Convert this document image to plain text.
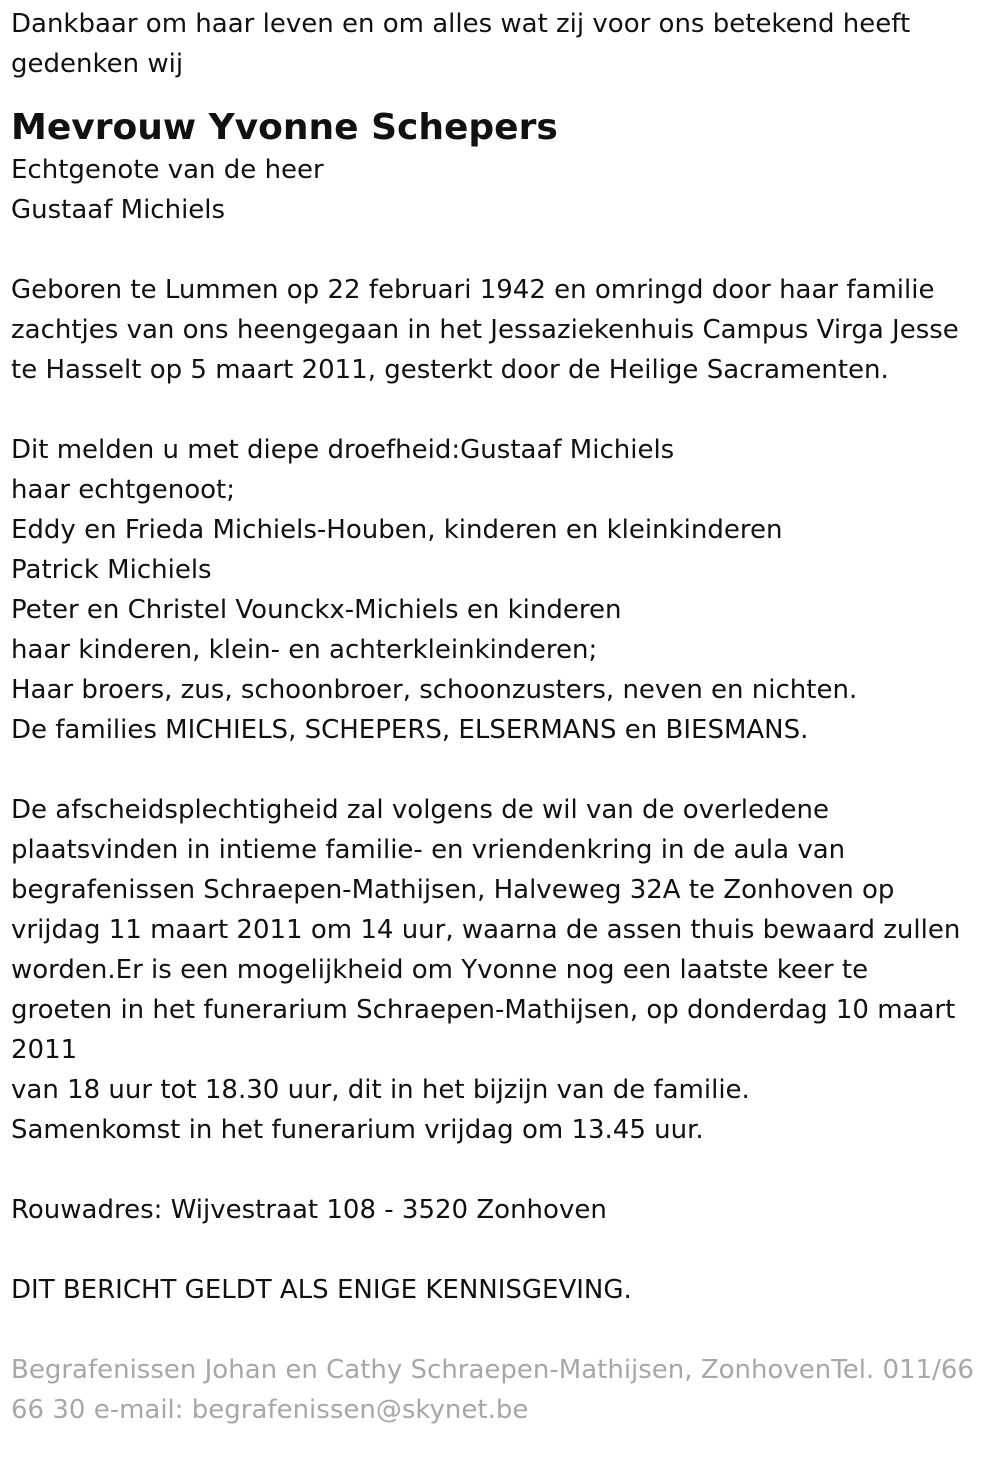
Dankbaar om haar leven en om alles wat zij voor ons betekend heeft
gedenken wij

Mevrouw Yvonne Schepers

Echtgenote van de heer

Gustaaf Michiels

Geboren te Lummen op 22 februari 1942 en omringd door haar familie
zachtjes van ons heengegaan in het Jessaziekenhuis Campus Virga Jesse
te Hasselt op 5 maart 2011, gesterkt door de Heilige Sacramenten.

Dit melden u met diepe droefheid:Gustaaf Michiels
haar echtgenoot;
Eddy en Frieda Michiels-Houben, kinderen en kleinkinderen
Patrick Michiels
Peter en Christel Vounckx-Michiels en kinderen
haar kinderen, klein- en achterkleinkinderen;
Haar broers, zus, schoonbroer, schoonzusters, neven en nichten.
De families MICHIELS, SCHEPERS, ELSERMANS en BIESMANS.

De afscheidsplechtigheid zal volgens de wil van de overledene
plaatsvinden in intieme familie- en vriendenkring in de aula van
begrafenissen Schraepen-Mathijsen, Halveweg 32A te Zonhoven op
vrijdag 11 maart 2011 om 14 uur, waarna de assen thuis bewaard zullen
worden.Er is een mogelijkheid om Yvonne nog een laatste keer te
groeten in het funerarium Schraepen-Mathijsen, op donderdag 10 maart
2011
van 18 uur tot 18.30 uur, dit in het bijzijn van de familie.
Samenkomst in het funerarium vrijdag om 13.45 uur.

Rouwadres: Wijvestraat 108 - 3520 Zonhoven

DIT BERICHT GELDT ALS ENIGE KENNISGEVING.

Begrafenissen Johan en Cathy Schraepen-Mathijsen, ZonhovenTel. 011/66
66 30 e-mail: begrafenissen@skynet.be
